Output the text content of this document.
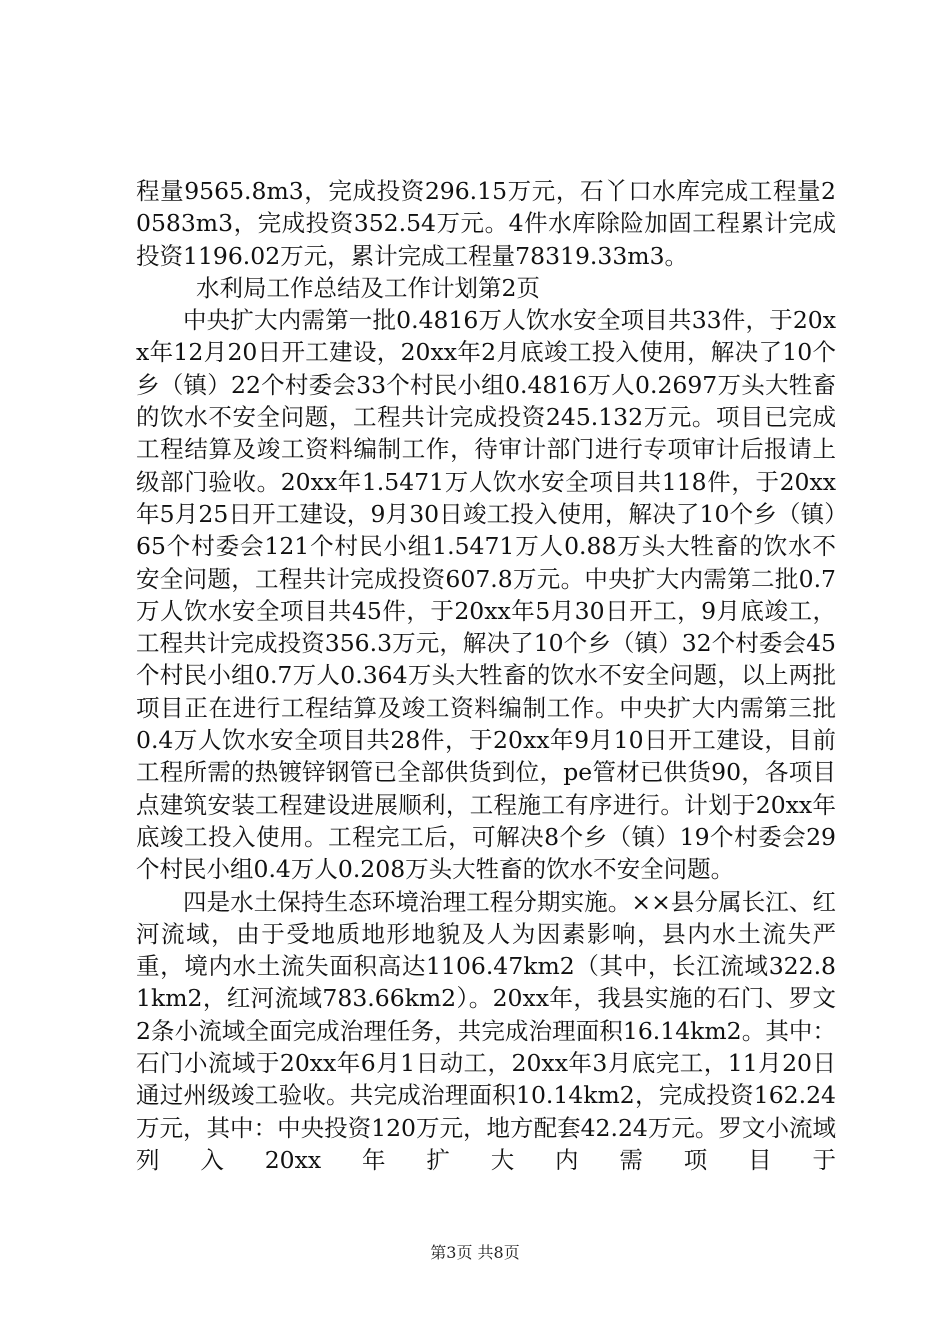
程量9565.8m3，完成投资296.15万元，石丫口水库完成工程量20583m3，完成投资352.54万元。4件水库除险加固工程累计完成投资1196.02万元，累计完成工程量78319.33m3。

水利局工作总结及工作计划第2页

中央扩大内需第一批0.4816万人饮水安全项目共33件，于20xx年12月20日开工建设，20xx年2月底竣工投入使用，解决了10个乡（镇）22个村委会33个村民小组0.4816万人0.2697万头大牲畜的饮水不安全问题，工程共计完成投资245.132万元。项目已完成工程结算及竣工资料编制工作，待审计部门进行专项审计后报请上级部门验收。20xx年1.5471万人饮水安全项目共118件，于20xx年5月25日开工建设，9月30日竣工投入使用，解决了10个乡（镇）65个村委会121个村民小组1.5471万人0.88万头大牲畜的饮水不安全问题，工程共计完成投资607.8万元。中央扩大内需第二批0.7万人饮水安全项目共45件，于20xx年5月30日开工，9月底竣工，工程共计完成投资356.3万元，解决了10个乡（镇）32个村委会45个村民小组0.7万人0.364万头大牲畜的饮水不安全问题，以上两批项目正在进行工程结算及竣工资料编制工作。中央扩大内需第三批0.4万人饮水安全项目共28件，于20xx年9月10日开工建设，目前工程所需的热镀锌钢管已全部供货到位，pe管材已供货90，各项目点建筑安装工程建设进展顺利，工程施工有序进行。计划于20xx年底竣工投入使用。工程完工后，可解决8个乡（镇）19个村委会29个村民小组0.4万人0.208万头大牲畜的饮水不安全问题。

四是水土保持生态环境治理工程分期实施。××县分属长江、红河流域，由于受地质地形地貌及人为因素影响，县内水土流失严重，境内水土流失面积高达1106.47km2（其中，长江流域322.81km2，红河流域783.66km2）。20xx年，我县实施的石门、罗文2条小流域全面完成治理任务，共完成治理面积16.14km2。其中：石门小流域于20xx年6月1日动工，20xx年3月底完工，11月20日通过州级竣工验收。共完成治理面积10.14km2，完成投资162.24万元，其中：中央投资120万元，地方配套42.24万元。罗文小流域列入20xx年扩大内需项目于

第3页 共8页
